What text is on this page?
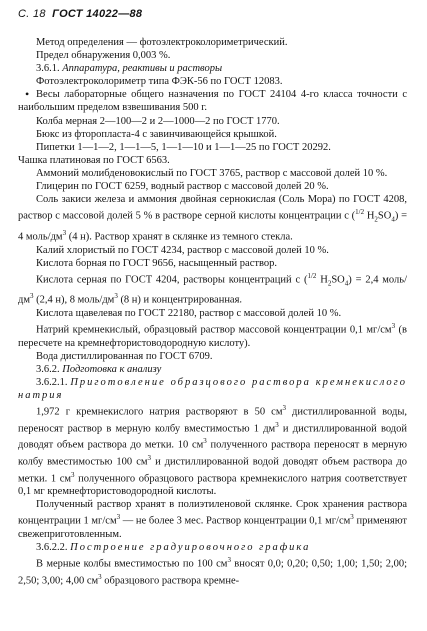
С. 18 ГОСТ 14022—88

Метод определения — фотоэлектроколориметрический.

Предел обнаружения 0,003 %.

3.6.1. Аппаратура, реактивы и растворы

Фотоэлектроколориметр типа ФЭК-56 по ГОСТ 12083.

• Весы лабораторные общего назначения по ГОСТ 24104 4-го класса точности с наибольшим пределом взвешивания 500 г.

Колба мерная 2—100—2 и 2—1000—2 по ГОСТ 1770.

Бюкс из фторопласта-4 с завинчивающейся крышкой.

Пипетки 1—1—2, 1—1—5, 1—1—10 и 1—1—25 по ГОСТ 20292.

Чашка платиновая по ГОСТ 6563.

Аммоний молибденовокислый по ГОСТ 3765, раствор с массовой долей 10 %.

Глицерин по ГОСТ 6259, водный раствор с массовой долей 20 %.

Соль закиси железа и аммония двойная сернокислая (Соль Мора) по ГОСТ 4208, раствор с массовой долей 5 % в растворе серной кислоты концентрации с ($^{1/2}$ $H_2SO_4) = 4$ моль/$дм^3$ (4 н). Раствор хранят в склянке из темного стекла.

Калий хлористый по ГОСТ 4234, раствор с массовой долей 10 %.

Кислота борная по ГОСТ 9656, насыщенный раствор.

Кислота серная по ГОСТ 4204, растворы концентраций с ($^{1/2}$ $H_2SO_4) = 2,4$ моль/$дм^3$ (2,4 н), 8 моль/$дм^3$ (8 н) и концентрированная.

Кислота щавелевая по ГОСТ 22180, раствор с массовой долей 10 %.

Натрий кремнекислый, образцовый раствор массовой концентрации 0,1 $мг/см^3$ (в пересчете на кремнефтористоводородную кислоту).

Вода дистиллированная по ГОСТ 6709.

3.6.2. Подготовка к анализу

3.6.2.1. Приготовление образцового раствора кремнекислого натрия

1,972 г кремнекислого натрия растворяют в 50 $см^3$ дистиллированной воды, переносят раствор в мерную колбу вместимостью 1 $дм^3$ и дистиллированной водой доводят объем раствора до метки. 10 $см^3$ полученного раствора переносят в мерную колбу вместимостью 100 $см^3$ и дистиллированной водой доводят объем раствора до метки. 1 $см^3$ полученного образцового раствора кремнекислого натрия соответствует 0,1 мг кремнефтористоводородной кислоты.

Полученный раствор хранят в полиэтиленовой склянке. Срок хранения раствора концентрации 1 $мг/см^3$ — не более 3 мес. Раствор концентрации 0,1 $мг/см^3$ применяют свежеприготовленным.

3.6.2.2. Построение градуировочного графика

В мерные колбы вместимостью по 100 $см^3$ вносят 0,0; 0,20; 0,50; 1,00; 1,50; 2,00; 2,50; 3,00; 4,00 $см^3$ образцового раствора кремне-
